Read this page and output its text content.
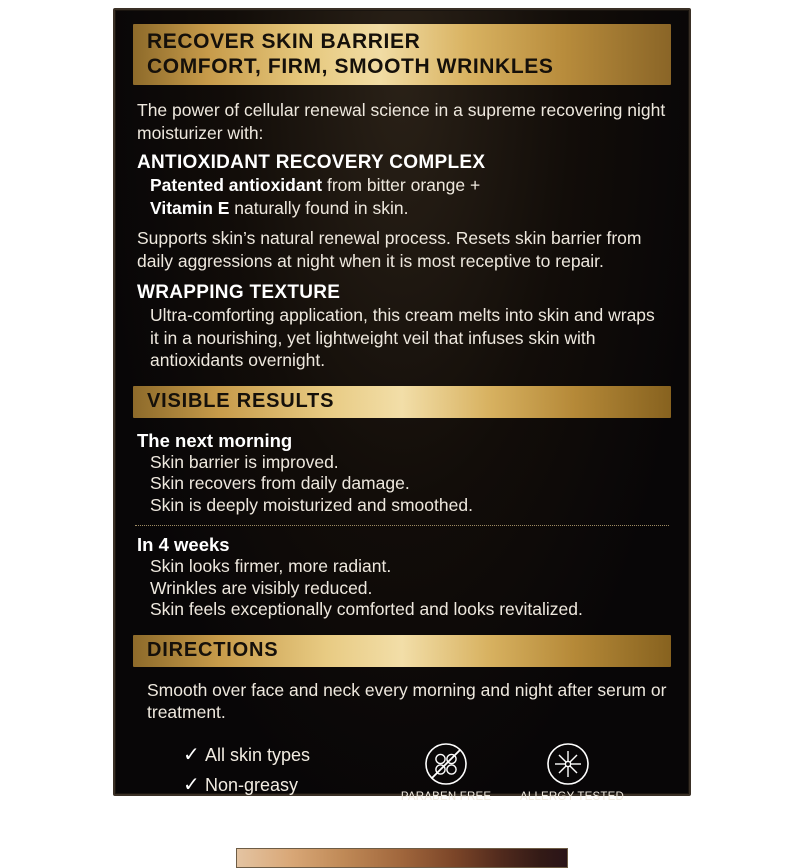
RECOVER SKIN BARRIER
COMFORT, FIRM, SMOOTH WRINKLES

The power of cellular renewal science in a supreme recovering night moisturizer with:

ANTIOXIDANT RECOVERY COMPLEX

Patented antioxidant from bitter orange +

Vitamin E naturally found in skin.

Supports skin’s natural renewal process. Resets skin barrier from daily aggressions at night when it is most receptive to repair.

WRAPPING TEXTURE

Ultra-comforting application, this cream melts into skin and wraps it in a nourishing, yet lightweight veil that infuses skin with antioxidants overnight.

VISIBLE RESULTS

The next morning

Skin barrier is improved.

Skin recovers from daily damage.

Skin is deeply moisturized and smoothed.

In 4 weeks

Skin looks firmer, more radiant.

Wrinkles are visibly reduced.

Skin feels exceptionally comforted and looks revitalized.

DIRECTIONS

Smooth over face and neck every morning and night after serum or treatment.

✓ All skin types
✓ Non-greasy
PARABEN FREE	ALLERGY TESTED
EFFECTIVE FOR ALL SKIN TONES
